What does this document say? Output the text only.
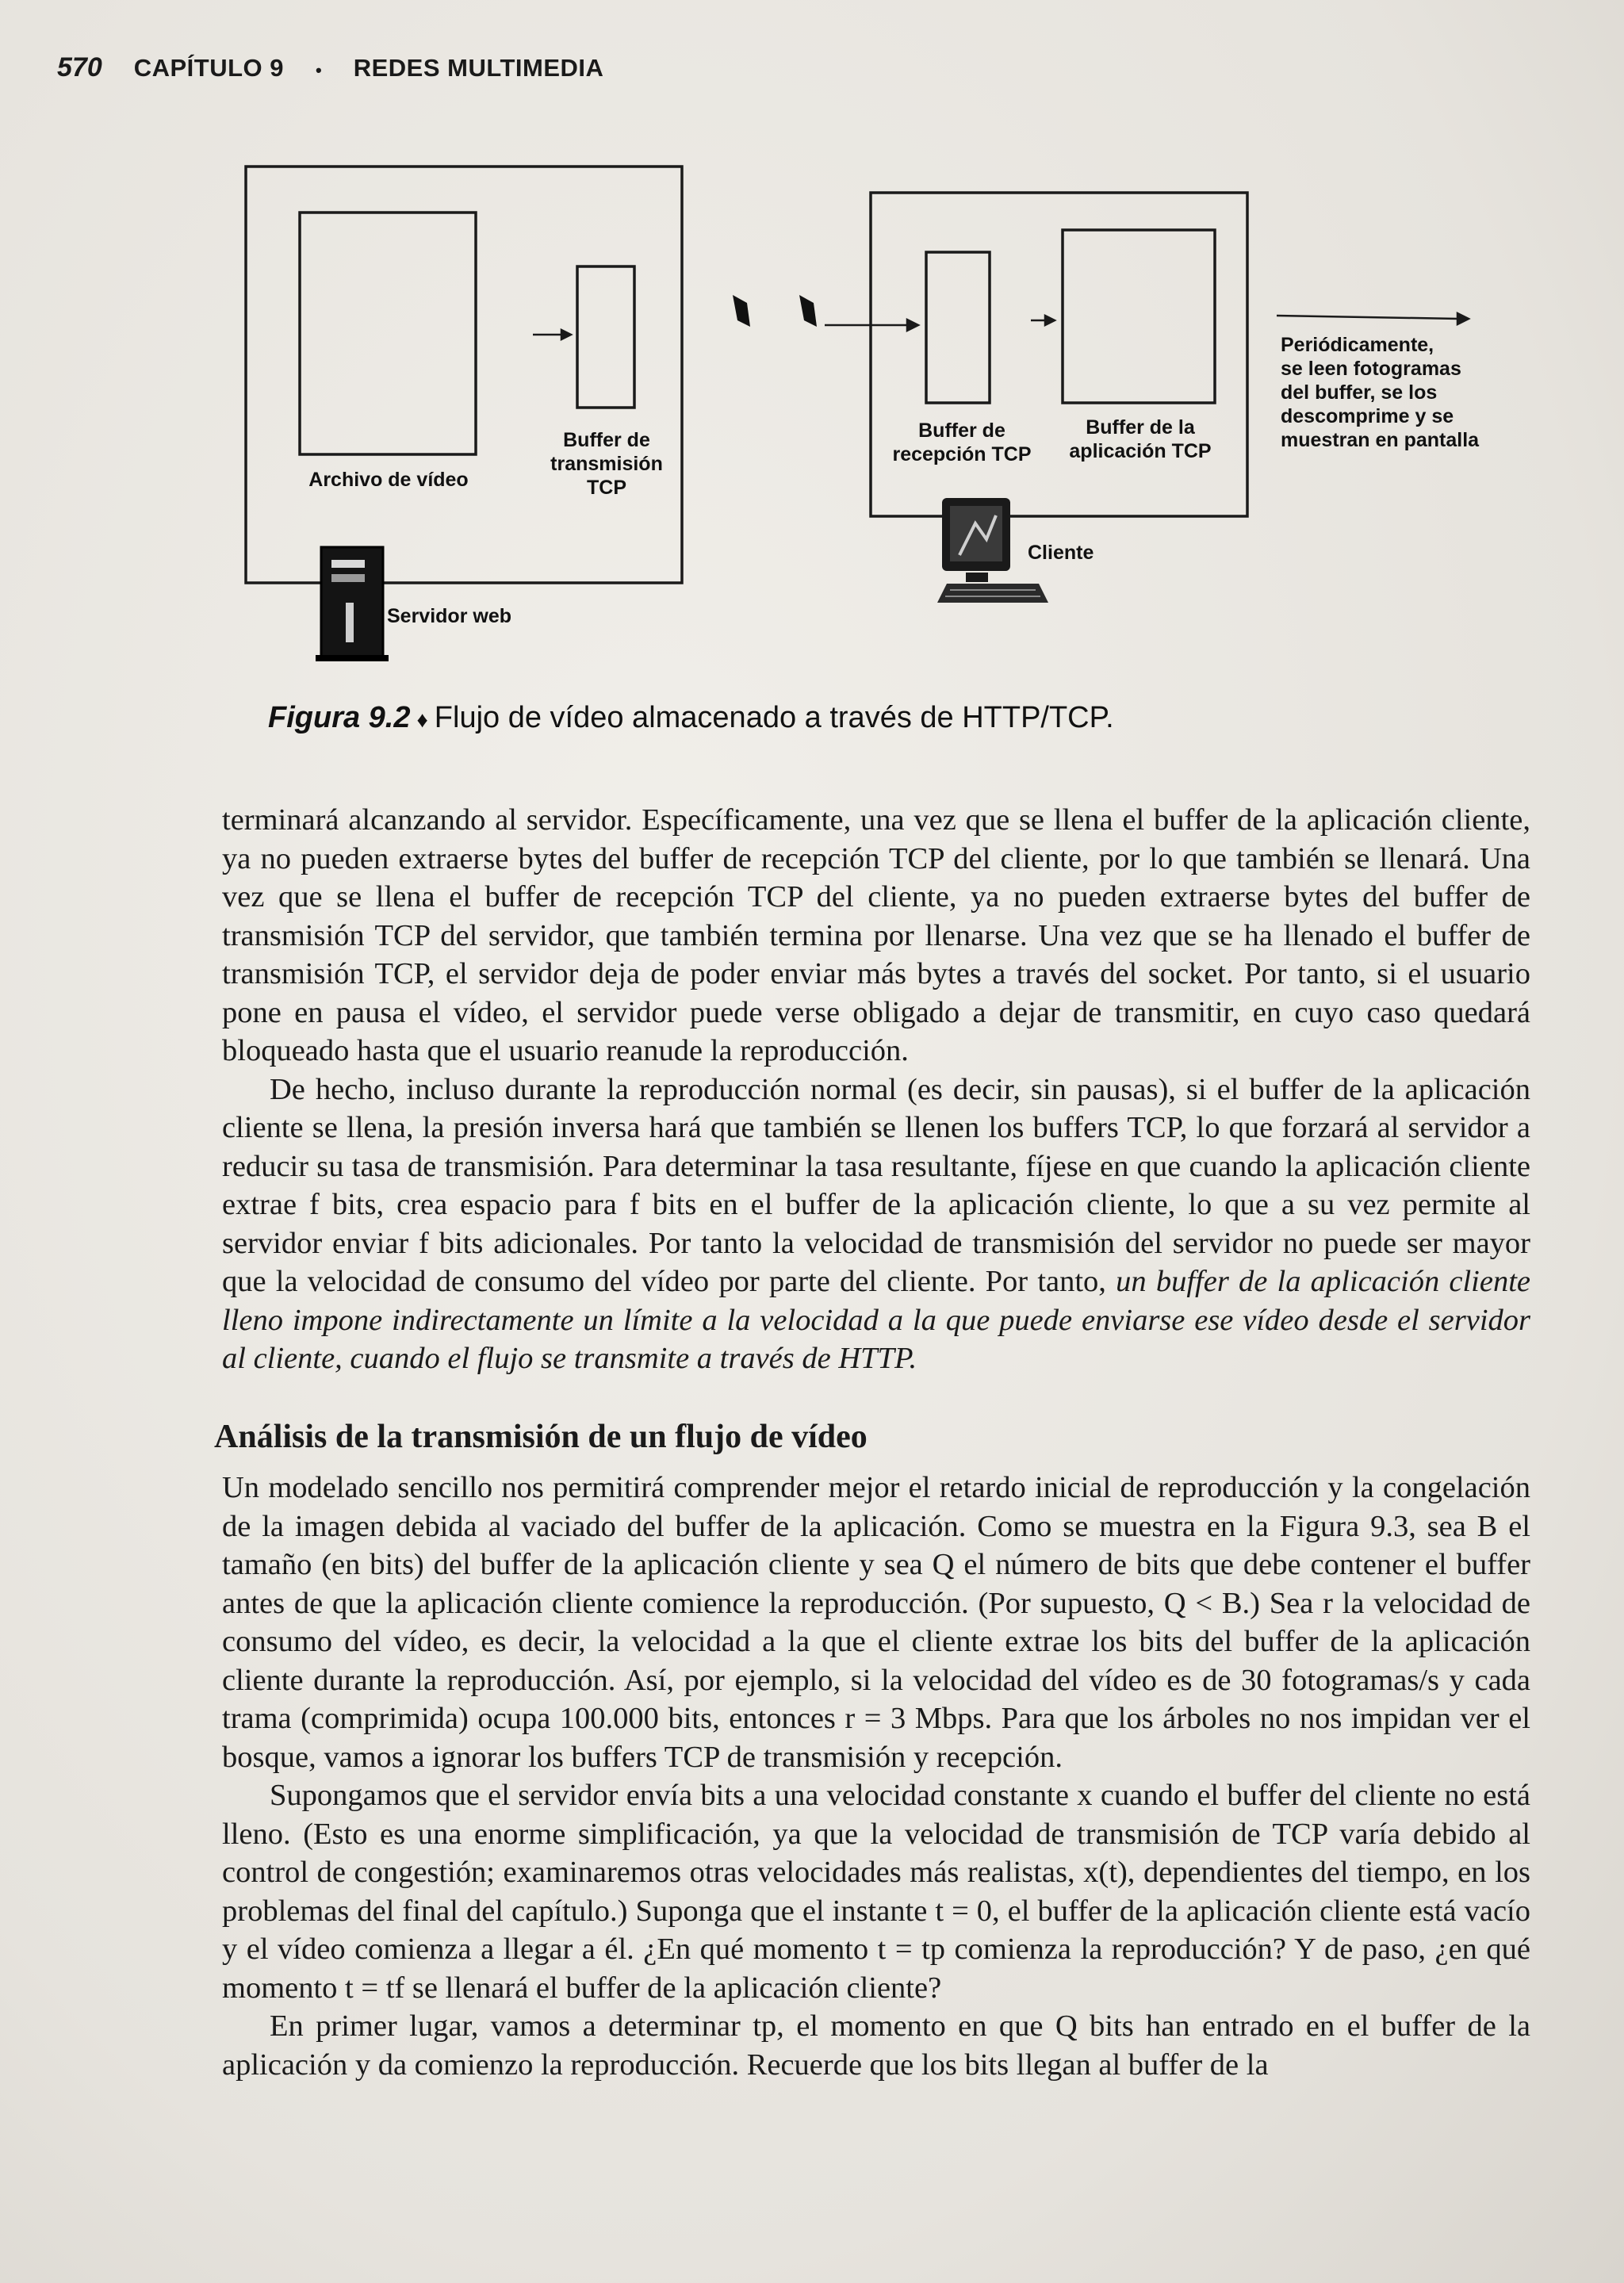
570 CAPÍTULO 9 • REDES MULTIMEDIA
Archivo de vídeo
Buffer de
transmisión
TCP
Servidor web
Buffer de
recepción TCP
Buffer de la
aplicación TCP
Cliente
Periódicamente,
se leen fotogramas
del buffer, se los
descomprime y se
muestran en pantalla
Figura 9.2 ♦ Flujo de vídeo almacenado a través de HTTP/TCP.

terminará alcanzando al servidor. Específicamente, una vez que se llena el buffer de la aplicación cliente, ya no pueden extraerse bytes del buffer de recepción TCP del cliente, por lo que también se llenará. Una vez que se llena el buffer de recepción TCP del cliente, ya no pueden extraerse bytes del buffer de transmisión TCP del servidor, que también termina por llenarse. Una vez que se ha llenado el buffer de transmisión TCP, el servidor deja de poder enviar más bytes a través del socket. Por tanto, si el usuario pone en pausa el vídeo, el servidor puede verse obligado a dejar de transmitir, en cuyo caso quedará bloqueado hasta que el usuario reanude la reproducción.

De hecho, incluso durante la reproducción normal (es decir, sin pausas), si el buffer de la aplicación cliente se llena, la presión inversa hará que también se llenen los buffers TCP, lo que forzará al servidor a reducir su tasa de transmisión. Para determinar la tasa resultante, fíjese en que cuando la aplicación cliente extrae f bits, crea espacio para f bits en el buffer de la aplicación cliente, lo que a su vez permite al servidor enviar f bits adicionales. Por tanto la velocidad de transmisión del servidor no puede ser mayor que la velocidad de consumo del vídeo por parte del cliente. Por tanto, un buffer de la aplicación cliente lleno impone indirectamente un límite a la velocidad a la que puede enviarse ese vídeo desde el servidor al cliente, cuando el flujo se transmite a través de HTTP.

Análisis de la transmisión de un flujo de vídeo

Un modelado sencillo nos permitirá comprender mejor el retardo inicial de reproducción y la congelación de la imagen debida al vaciado del buffer de la aplicación. Como se muestra en la Figura 9.3, sea B el tamaño (en bits) del buffer de la aplicación cliente y sea Q el número de bits que debe contener el buffer antes de que la aplicación cliente comience la reproducción. (Por supuesto, Q < B.) Sea r la velocidad de consumo del vídeo, es decir, la velocidad a la que el cliente extrae los bits del buffer de la aplicación cliente durante la reproducción. Así, por ejemplo, si la velocidad del vídeo es de 30 fotogramas/s y cada trama (comprimida) ocupa 100.000 bits, entonces r = 3 Mbps. Para que los árboles no nos impidan ver el bosque, vamos a ignorar los buffers TCP de transmisión y recepción.

Supongamos que el servidor envía bits a una velocidad constante x cuando el buffer del cliente no está lleno. (Esto es una enorme simplificación, ya que la velocidad de transmisión de TCP varía debido al control de congestión; examinaremos otras velocidades más realistas, x(t), dependientes del tiempo, en los problemas del final del capítulo.) Suponga que el instante t = 0, el buffer de la aplicación cliente está vacío y el vídeo comienza a llegar a él. ¿En qué momento t = tp comienza la reproducción? Y de paso, ¿en qué momento t = tf se llenará el buffer de la aplicación cliente?

En primer lugar, vamos a determinar tp, el momento en que Q bits han entrado en el buffer de la aplicación y da comienzo la reproducción. Recuerde que los bits llegan al buffer de la
